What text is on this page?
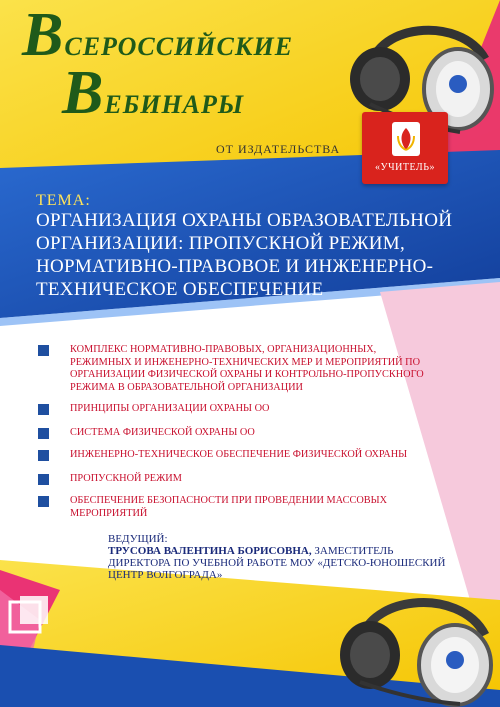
ВСЕРОССИЙСКИЕ
ВЕБИНАРЫ
ОТ ИЗДАТЕЛЬСТВА
«УЧИТЕЛЬ»
ТЕМА:
ОРГАНИЗАЦИЯ ОХРАНЫ ОБРАЗОВАТЕЛЬНОЙ ОРГАНИЗАЦИИ: ПРОПУСКНОЙ РЕЖИМ, НОРМАТИВНО-ПРАВОВОЕ И ИНЖЕНЕРНО-ТЕХНИЧЕСКОЕ ОБЕСПЕЧЕНИЕ
КОМПЛЕКС НОРМАТИВНО-ПРАВОВЫХ, ОРГАНИЗАЦИОННЫХ, РЕЖИМНЫХ И ИНЖЕНЕРНО-ТЕХНИЧЕСКИХ МЕР И МЕРОПРИЯТИЙ ПО ОРГАНИЗАЦИИ ФИЗИЧЕСКОЙ ОХРАНЫ И КОНТРОЛЬНО-ПРОПУСКНОГО РЕЖИМА В ОБРАЗОВАТЕЛЬНОЙ ОРГАНИЗАЦИИ
ПРИНЦИПЫ ОРГАНИЗАЦИИ ОХРАНЫ ОО
СИСТЕМА ФИЗИЧЕСКОЙ ОХРАНЫ ОО
ИНЖЕНЕРНО-ТЕХНИЧЕСКОЕ ОБЕСПЕЧЕНИЕ ФИЗИЧЕСКОЙ ОХРАНЫ
ПРОПУСКНОЙ РЕЖИМ
ОБЕСПЕЧЕНИЕ БЕЗОПАСНОСТИ ПРИ ПРОВЕДЕНИИ МАССОВЫХ МЕРОПРИЯТИЙ
ВЕДУЩИЙ:
ТРУСОВА ВАЛЕНТИНА БОРИСОВНА, ЗАМЕСТИТЕЛЬ ДИРЕКТОРА ПО УЧЕБНОЙ РАБОТЕ МОУ «ДЕТСКО-ЮНОШЕСКИЙ ЦЕНТР ВОЛГОГРАДА»
